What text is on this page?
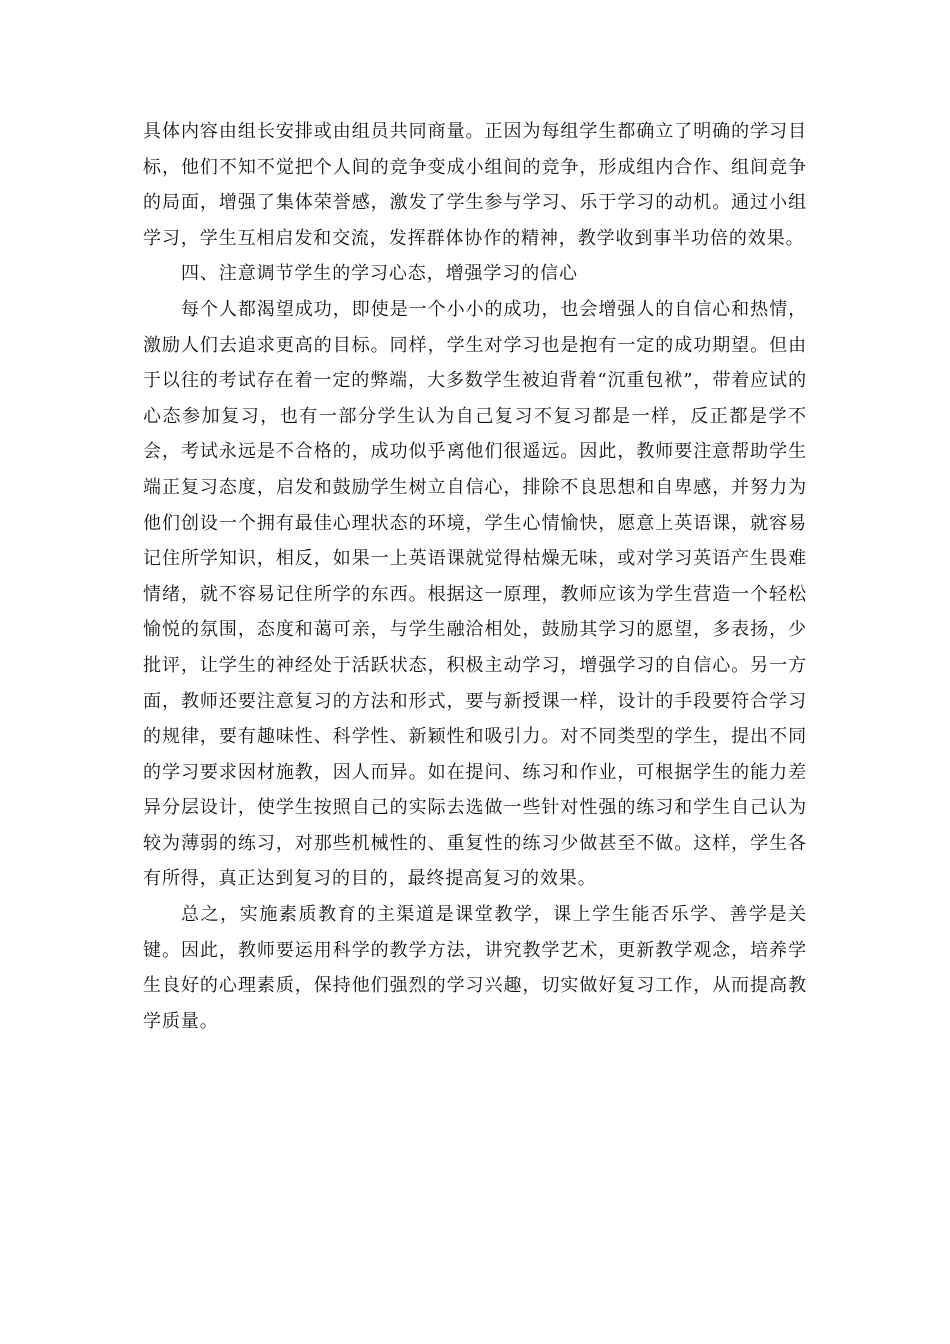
具体内容由组长安排或由组员共同商量。正因为每组学生都确立了明确的学习目标，他们不知不觉把个人间的竞争变成小组间的竞争，形成组内合作、组间竞争的局面，增强了集体荣誉感，激发了学生参与学习、乐于学习的动机。通过小组学习，学生互相启发和交流，发挥群体协作的精神，教学收到事半功倍的效果。

四、注意调节学生的学习心态，增强学习的信心

每个人都渴望成功，即使是一个小小的成功，也会增强人的自信心和热情，激励人们去追求更高的目标。同样，学生对学习也是抱有一定的成功期望。但由于以往的考试存在着一定的弊端，大多数学生被迫背着“沉重包袱”，带着应试的心态参加复习，也有一部分学生认为自己复习不复习都是一样，反正都是学不会，考试永远是不合格的，成功似乎离他们很遥远。因此，教师要注意帮助学生端正复习态度，启发和鼓励学生树立自信心，排除不良思想和自卑感，并努力为他们创设一个拥有最佳心理状态的环境，学生心情愉快，愿意上英语课，就容易记住所学知识，相反，如果一上英语课就觉得枯燥无味，或对学习英语产生畏难情绪，就不容易记住所学的东西。根据这一原理，教师应该为学生营造一个轻松愉悦的氛围，态度和蔼可亲，与学生融洽相处，鼓励其学习的愿望，多表扬，少批评，让学生的神经处于活跃状态，积极主动学习，增强学习的自信心。另一方面，教师还要注意复习的方法和形式，要与新授课一样，设计的手段要符合学习的规律，要有趣味性、科学性、新颖性和吸引力。对不同类型的学生，提出不同的学习要求因材施教，因人而异。如在提问、练习和作业，可根据学生的能力差异分层设计，使学生按照自己的实际去选做一些针对性强的练习和学生自己认为较为薄弱的练习，对那些机械性的、重复性的练习少做甚至不做。这样，学生各有所得，真正达到复习的目的，最终提高复习的效果。

总之，实施素质教育的主渠道是课堂教学，课上学生能否乐学、善学是关键。因此，教师要运用科学的教学方法，讲究教学艺术，更新教学观念，培养学生良好的心理素质，保持他们强烈的学习兴趣，切实做好复习工作，从而提高教学质量。
